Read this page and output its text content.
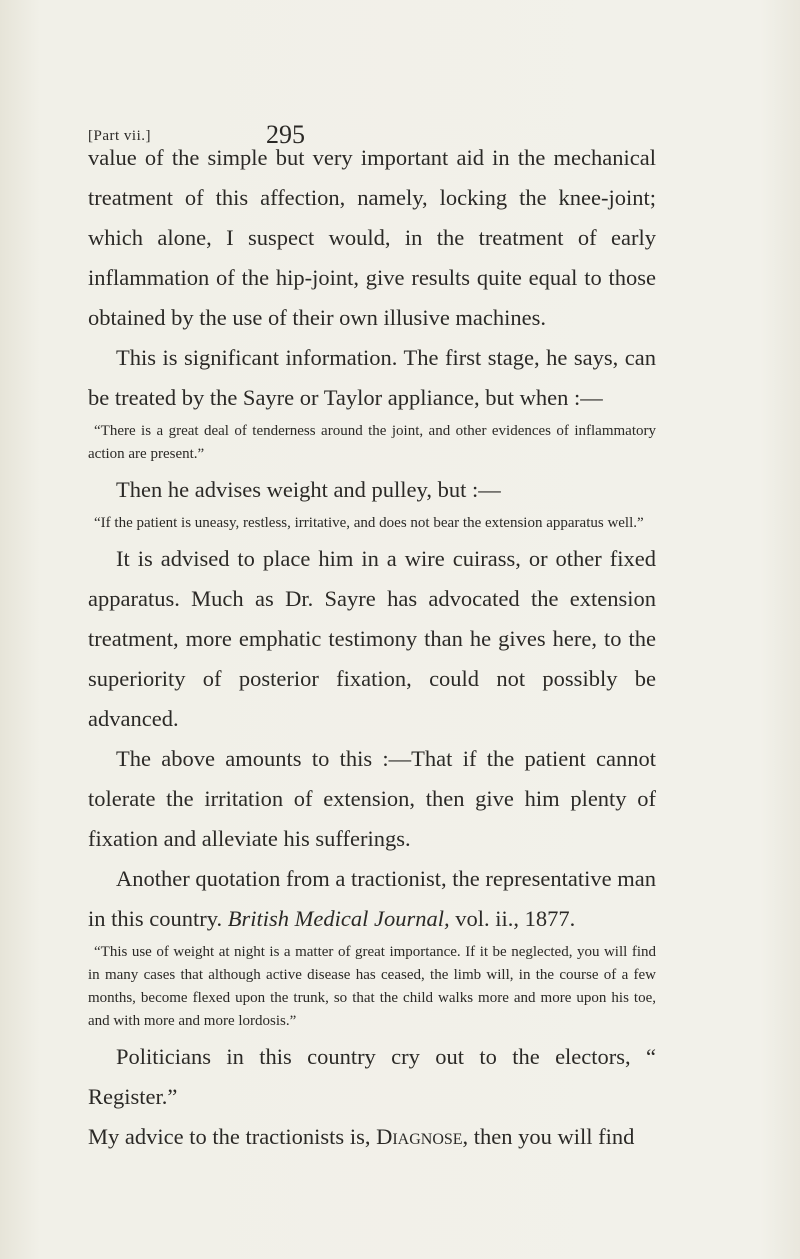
[Part vii.]	295

value of the simple but very important aid in the mechanical treatment of this affection, namely, locking the knee-joint; which alone, I suspect would, in the treatment of early inflammation of the hip-joint, give results quite equal to those obtained by the use of their own illusive machines.

This is significant information. The first stage, he says, can be treated by the Sayre or Taylor appliance, but when :—

“There is a great deal of tenderness around the joint, and other evidences of inflammatory action are present.”

Then he advises weight and pulley, but :—

“If the patient is uneasy, restless, irritative, and does not bear the extension apparatus well.”

It is advised to place him in a wire cuirass, or other fixed apparatus. Much as Dr. Sayre has advocated the extension treatment, more emphatic testimony than he gives here, to the superiority of posterior fixation, could not possibly be advanced.

The above amounts to this :—That if the patient cannot tolerate the irritation of extension, then give him plenty of fixation and alleviate his sufferings.

Another quotation from a tractionist, the representative man in this country. British Medical Journal, vol. ii., 1877.

“This use of weight at night is a matter of great importance. If it be neglected, you will find in many cases that although active disease has ceased, the limb will, in the course of a few months, become flexed upon the trunk, so that the child walks more and more upon his toe, and with more and more lordosis.”

Politicians in this country cry out to the electors, “ Register.”

My advice to the tractionists is, Diagnose, then you will find
